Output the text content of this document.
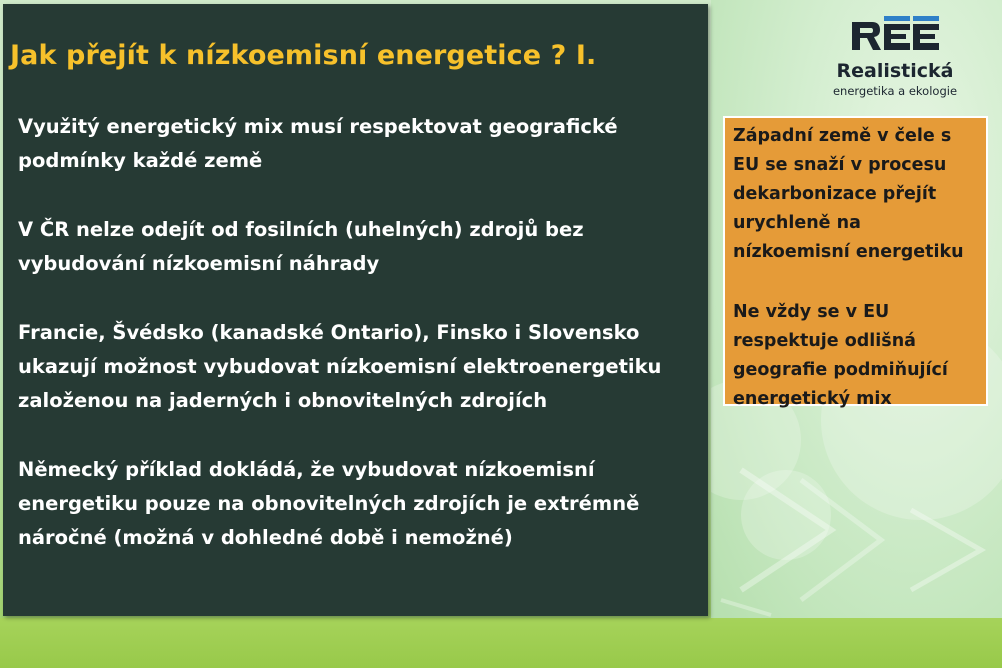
Jak přejít k nízkoemisní energetice ? I.

Využitý energetický mix musí respektovat geografické podmínky každé země

V ČR nelze odejít od fosilních (uhelných) zdrojů bez vybudování nízkoemisní náhrady

Francie, Švédsko (kanadské Ontario), Finsko i Slovensko ukazují možnost vybudovat nízkoemisní elektroenergetiku založenou na jaderných i obnovitelných zdrojích

Německý příklad dokládá, že vybudovat nízkoemisní energetiku pouze na obnovitelných zdrojích je extrémně náročné (možná v dohledné době i nemožné)

Realistická
energetika a ekologie

Západní země v čele s EU se snaží v procesu dekarbonizace přejít urychleně na nízkoemisní energetiku

Ne vždy se v EU respektuje odlišná geografie podmiňující energetický mix
